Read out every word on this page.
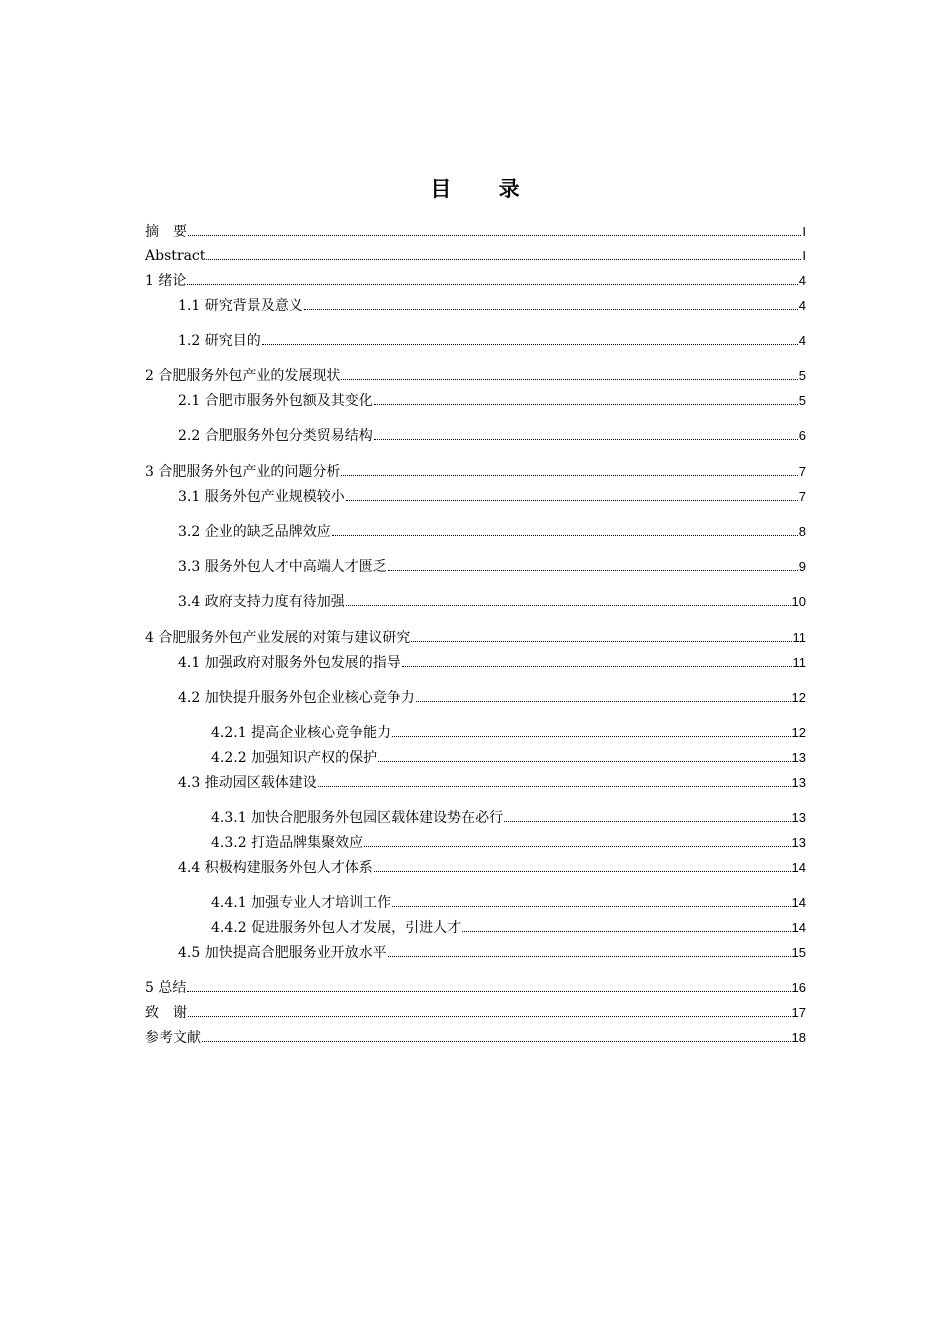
目 录
摘　要	I
Abstract	I
1 绪论	4
1.1 研究背景及意义	4
1.2 研究目的	4
2 合肥服务外包产业的发展现状	5
2.1 合肥市服务外包额及其变化	5
2.2 合肥服务外包分类贸易结构	6
3 合肥服务外包产业的问题分析	7
3.1 服务外包产业规模较小	7
3.2 企业的缺乏品牌效应	8
3.3 服务外包人才中高端人才匮乏	9
3.4 政府支持力度有待加强	10
4 合肥服务外包产业发展的对策与建议研究	11
4.1 加强政府对服务外包发展的指导	11
4.2 加快提升服务外包企业核心竞争力	12
4.2.1 提高企业核心竞争能力	12
4.2.2 加强知识产权的保护	13
4.3 推动园区载体建设	13
4.3.1 加快合肥服务外包园区载体建设势在必行	13
4.3.2 打造品牌集聚效应	13
4.4 积极构建服务外包人才体系	14
4.4.1 加强专业人才培训工作	14
4.4.2 促进服务外包人才发展，引进人才	14
4.5 加快提高合肥服务业开放水平	15
5 总结	16
致　谢	17
参考文献	18
